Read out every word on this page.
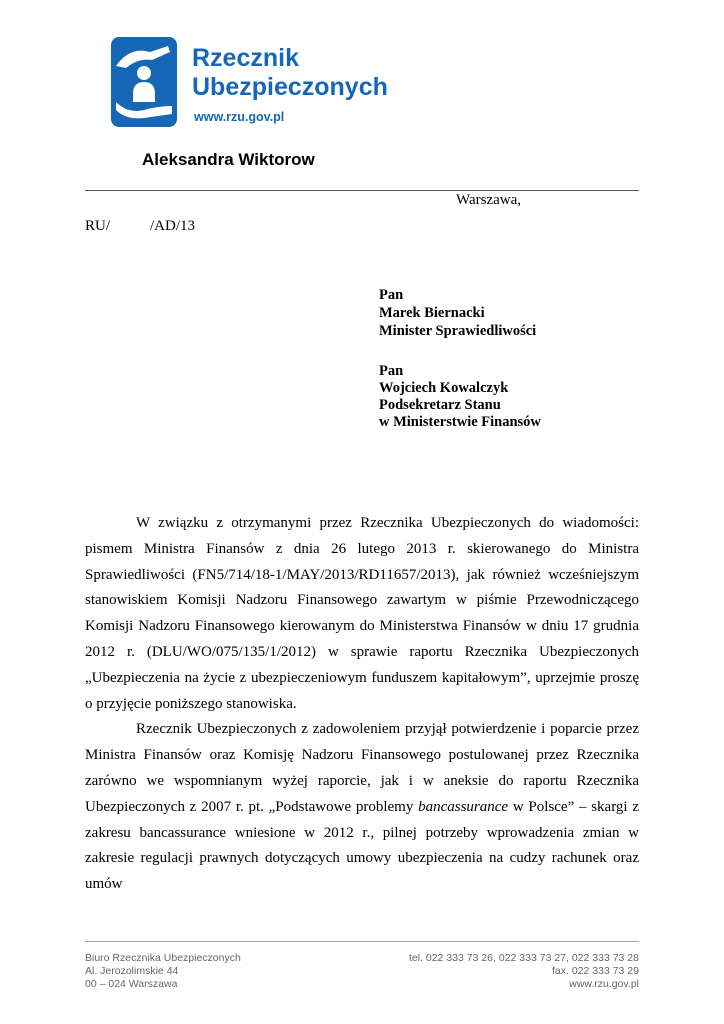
Rzecznik
Ubezpieczonych
www.rzu.gov.pl
Aleksandra Wiktorow
Warszawa,
RU/	/AD/13
Pan
Marek Biernacki
Minister Sprawiedliwości
Pan
Wojciech Kowalczyk
Podsekretarz Stanu
w Ministerstwie Finansów

W związku z otrzymanymi przez Rzecznika Ubezpieczonych do wiadomości: pismem Ministra Finansów z dnia 26 lutego 2013 r. skierowanego do Ministra Sprawiedliwości (FN5/714/18-1/MAY/2013/RD11657/2013), jak również wcześniejszym stanowiskiem Komisji Nadzoru Finansowego zawartym w piśmie Przewodniczącego Komisji Nadzoru Finansowego kierowanym do Ministerstwa Finansów w dniu 17 grudnia 2012 r. (DLU/WO/075/135/1/2012) w sprawie raportu Rzecznika Ubezpieczonych „Ubezpieczenia na życie z ubezpieczeniowym funduszem kapitałowym”, uprzejmie proszę o przyjęcie poniższego stanowiska.

Rzecznik Ubezpieczonych z zadowoleniem przyjął potwierdzenie i poparcie przez Ministra Finansów oraz Komisję Nadzoru Finansowego postulowanej przez Rzecznika zarówno we wspomnianym wyżej raporcie, jak i w aneksie do raportu Rzecznika Ubezpieczonych z 2007 r. pt. „Podstawowe problemy bancassurance w Polsce” – skargi z zakresu bancassurance wniesione w 2012 r., pilnej potrzeby wprowadzenia zmian w zakresie regulacji prawnych dotyczących umowy ubezpieczenia na cudzy rachunek oraz umów

Biuro Rzecznika Ubezpieczonych
Al. Jerozolimskie 44
00 – 024 Warszawa
tel. 022 333 73 26, 022 333 73 27, 022 333 73 28
fax. 022 333 73 29
www.rzu.gov.pl
